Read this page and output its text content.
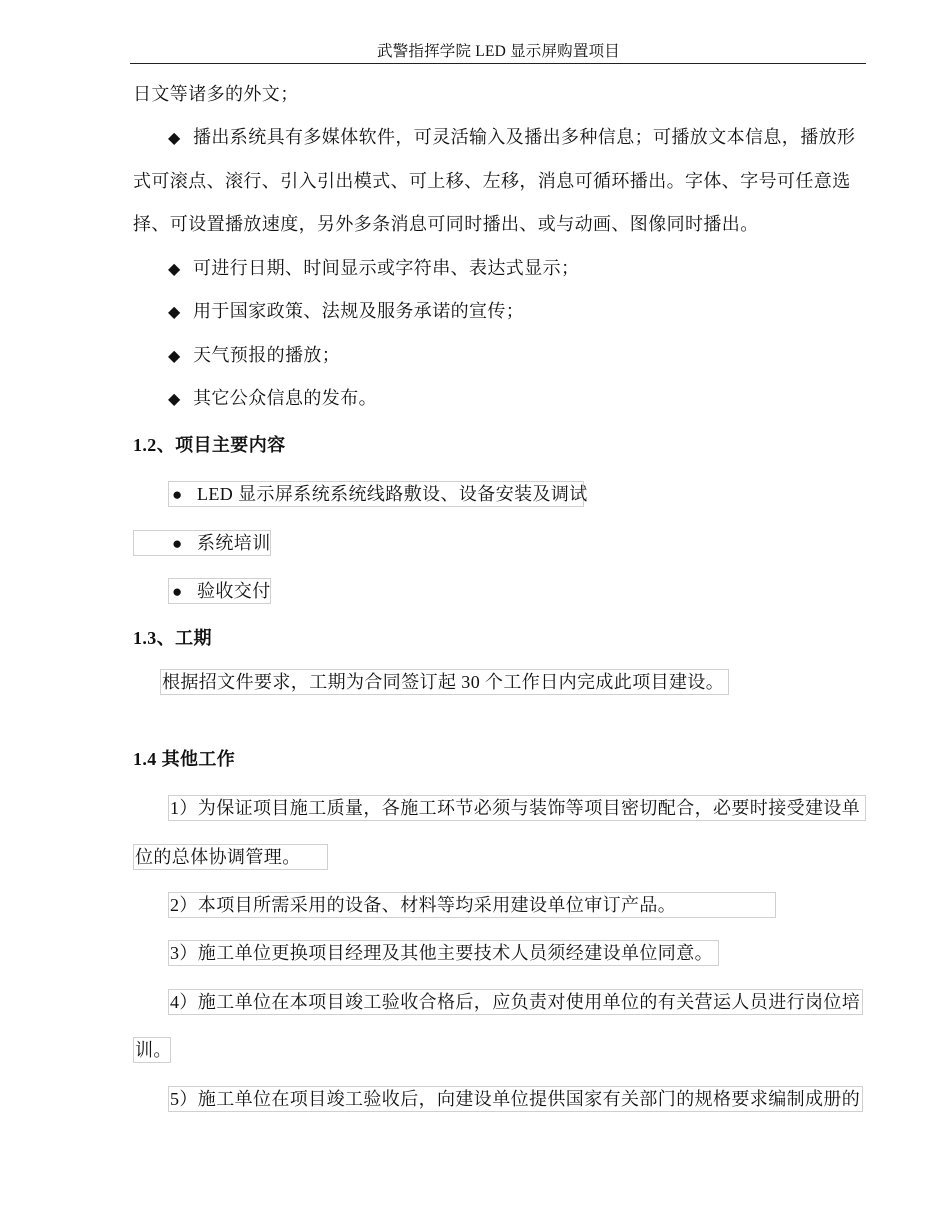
武警指挥学院 LED 显示屏购置项目
日文等诸多的外文；
◆ 播出系统具有多媒体软件，可灵活输入及播出多种信息；可播放文本信息，播放形
式可滚点、滚行、引入引出模式、可上移、左移，消息可循环播出。字体、字号可任意选
择、可设置播放速度，另外多条消息可同时播出、或与动画、图像同时播出。
◆ 可进行日期、时间显示或字符串、表达式显示；
◆ 用于国家政策、法规及服务承诺的宣传；
◆ 天气预报的播放；
◆ 其它公众信息的发布。
1.2、项目主要内容
● LED 显示屏系统系统线路敷设、设备安装及调试
● 系统培训
● 验收交付
1.3、工期
根据招文件要求，工期为合同签订起 30 个工作日内完成此项目建设。
1.4 其他工作
1）为保证项目施工质量，各施工环节必须与装饰等项目密切配合，必要时接受建设单
位的总体协调管理。
2）本项目所需采用的设备、材料等均采用建设单位审订产品。
3）施工单位更换项目经理及其他主要技术人员须经建设单位同意。
4）施工单位在本项目竣工验收合格后，应负责对使用单位的有关营运人员进行岗位培
训。
5）施工单位在项目竣工验收后，向建设单位提供国家有关部门的规格要求编制成册的
